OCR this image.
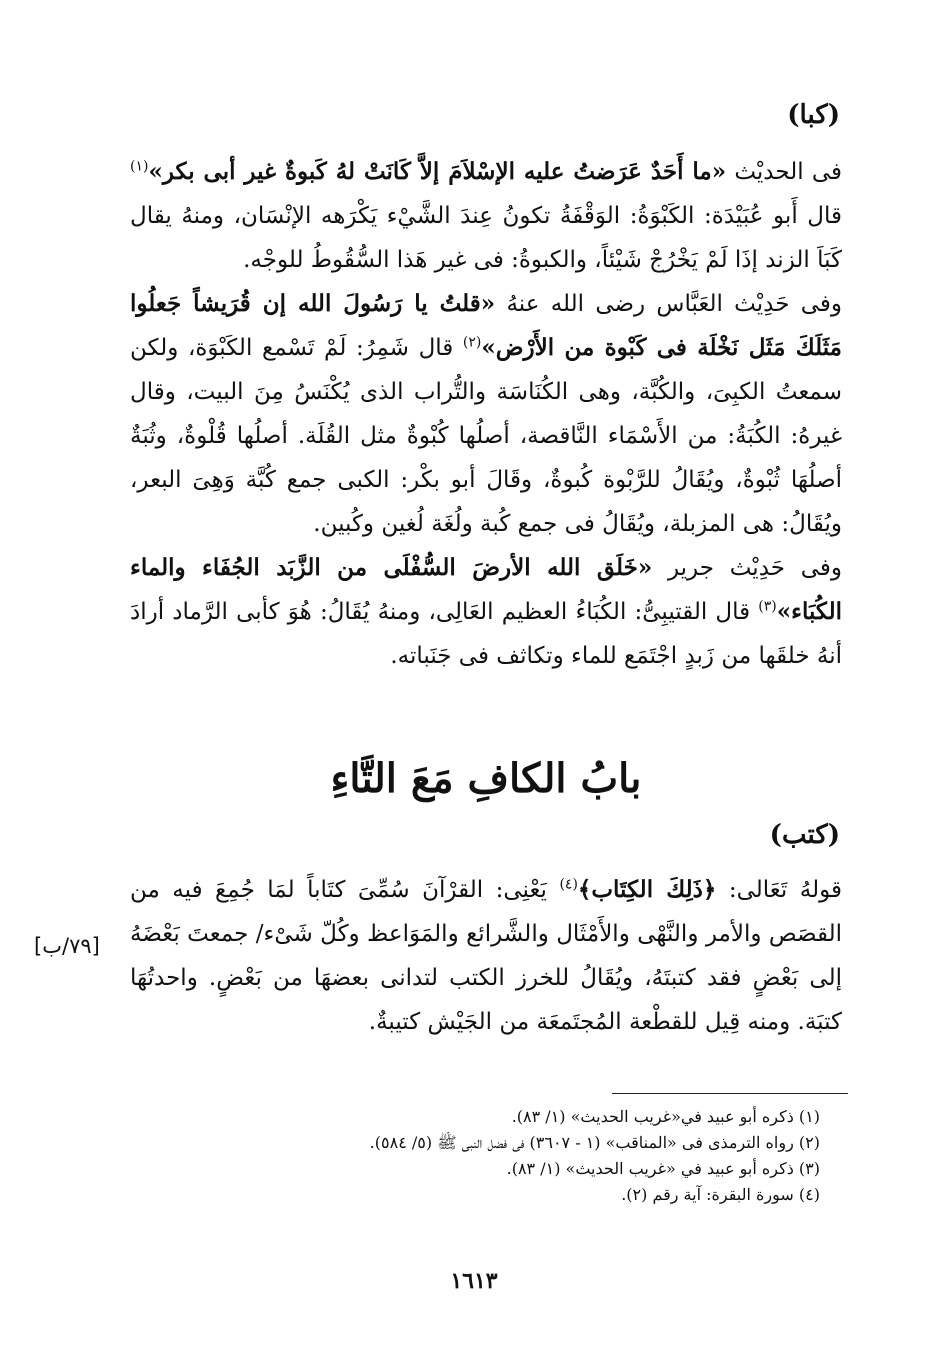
(كبا)

فى الحديْث «ما أَحَدٌ عَرَضتُ عليه الإسْلاَمَ إلاَّ كَانَتْ لهُ كَبوةٌ غير أبى بكر»$^{(١)}$ قال أَبو عُبَيْدَة: الكَبْوَةُ: الوَقْفَةُ تكونُ عِندَ الشَّيْء يَكْرَهه الإنْسَان، ومنهُ يقال كَبَاَ الزند إذَا لَمْ يَخْرُجْ شَيْئاً، والكبوةُ: فى غير هَذا السُّقُوطُ للوجْه.

وفى حَدِيْث العَبَّاس رضى الله عنهُ «قلتُ يا رَسُولَ الله إن قُرَيشاً جَعلُوا مَثَلَكَ مَثَل نَخْلَة فى كَبْوة من الأَرْض»$^{(٢)}$ قال شَمِرُ: لَمْ تَسْمع الكَبْوَة، ولكن سمعتُ الكبِىَ، والكُبَّة، وهى الكُنَاسَة والتُّراب الذى يُكْنَسُ مِنَ البيت، وقال غيرهُ: الكُبَةُ: من الأَسْمَاء النَّاقصة، أصلُها كُبْوةٌ مثل القُلَة. أصلُها قُلْوةٌ، وثُبَةٌ أصلُهَا ثُبْوةٌ، ويُقَالُ للرَّبْوة كُبوةٌ، وقَالَ أبو بكْر: الكبى جمع كُبَّة وَهِىَ البعر، ويُقَالُ: هى المزبلة، ويُقَالُ فى جمع كُبة ولُغَة لُغين وكُبين.

وفى حَدِيْث جرير «خَلَق الله الأرضَ السُّفْلَى من الزَّبَد الجُفَاء والماء الكُبَاء»$^{(٣)}$ قال القتيبِىُّ: الكُبَاءُ العظيم العَالِى، ومنهُ يُقَالُ: هُوَ كأبى الرَّماد أرادَ أنهُ خلقَها من زَبدٍ اجْتَمَع للماء وتكاثف فى جَنَباته.

بابُ الكافِ مَعَ التَّاءِ
(كتب)

قولهُ تَعَالى: ﴿ذَلِكَ الكِتَاب﴾$^{(٤)}$ يَعْنِى: القرْآنَ سُمِّىَ كتَاباً لمَا جُمِعَ فيه من القصَص والأمر والنَّهْى والأَمْثَال والشَّرائع والمَوَاعظ وكُلّ شَىْء/ جمعتَ بَعْضَهُ إلى بَعْضٍ فقد كتبتَهُ، ويُقَالُ للخرز الكتب لتدانى بعضهَا من بَعْضٍ. واحدتُهَا كتبَة. ومنه قِيل للقطْعة المُجتَمعَة من الجَيْش كتيبةٌ.

[٧٩/ب]

(١) ذكره أبو عبيد في«غريب الحديث» (١/ ٨٣).

(٢) رواه الترمذى فى «المناقب» (١ - ٣٦٠٧) فى فضل النبى ﷺ (٥/ ٥٨٤).

(٣) ذكره أبو عبيد في «غريب الحديث» (١/ ٨٣).

(٤) سورة البقرة: آية رقم (٢).

١٦١٣
